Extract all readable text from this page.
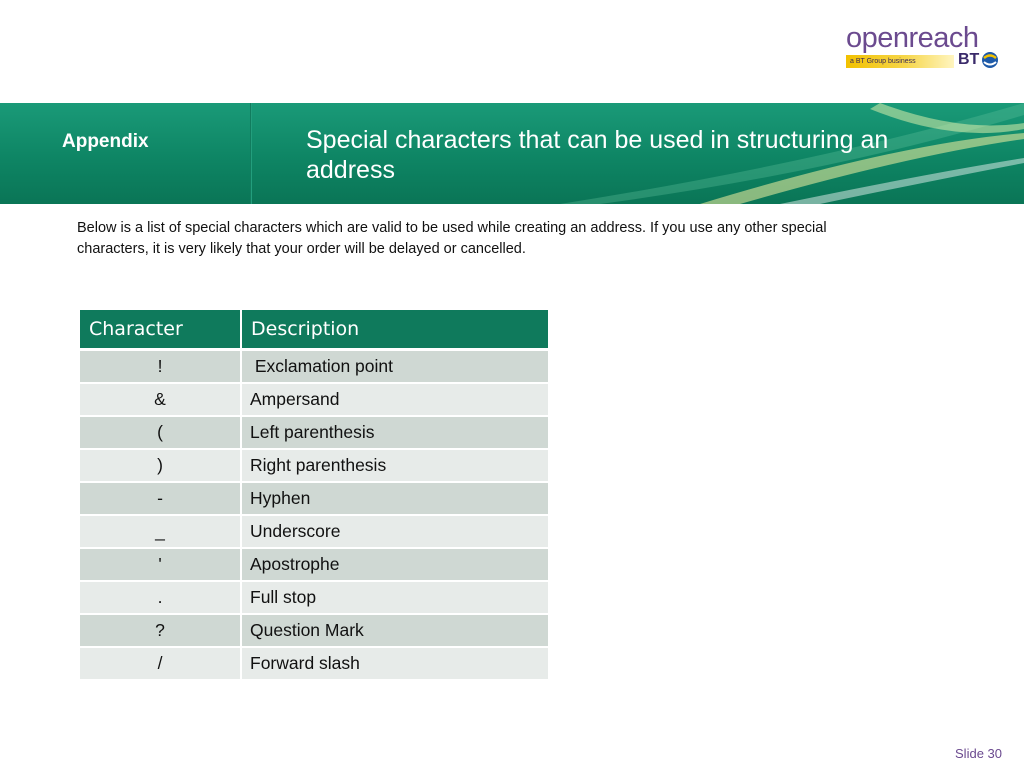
openreach
a BT Group business	BT
Appendix	Special characters that can be used in structuring an address

Below is a list of special characters which are valid to be used while creating an address. If you use any other special characters, it is very likely that your order will be delayed or cancelled.

Character	Description
!	Exclamation point
&	Ampersand
(	Left parenthesis
)	Right parenthesis
-	Hyphen
_	Underscore
'	Apostrophe
.	Full stop
?	Question Mark
/	Forward slash
Slide 30
